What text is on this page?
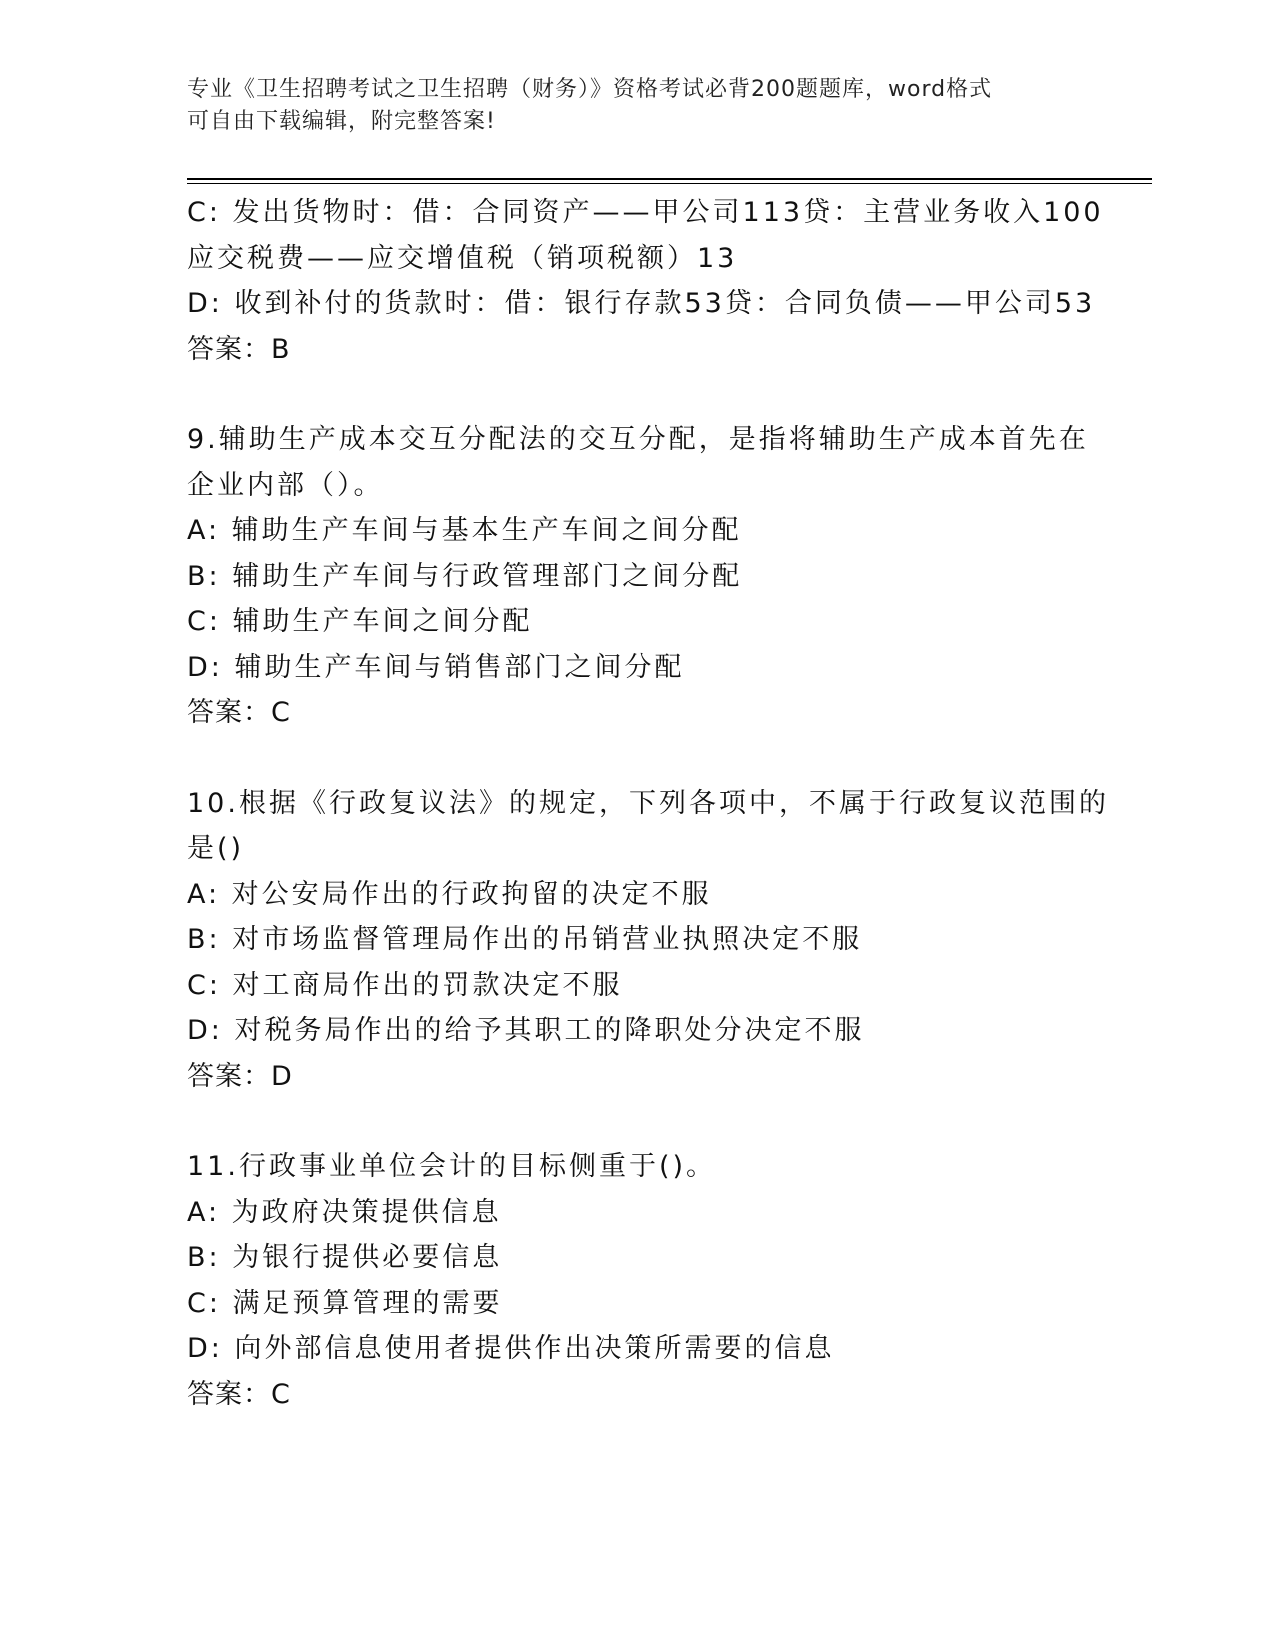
专业《卫生招聘考试之卫生招聘（财务）》资格考试必背200题题库，word格式
可自由下载编辑，附完整答案!
C: 发出货物时：借：合同资产——甲公司113贷：主营业务收入100
应交税费——应交增值税（销项税额）13
D: 收到补付的货款时：借：银行存款53贷：合同负债——甲公司53
答案：B
9.辅助生产成本交互分配法的交互分配，是指将辅助生产成本首先在
企业内部（）。
A: 辅助生产车间与基本生产车间之间分配
B: 辅助生产车间与行政管理部门之间分配
C: 辅助生产车间之间分配
D: 辅助生产车间与销售部门之间分配
答案：C
10.根据《行政复议法》的规定，下列各项中，不属于行政复议范围的
是()
A: 对公安局作出的行政拘留的决定不服
B: 对市场监督管理局作出的吊销营业执照决定不服
C: 对工商局作出的罚款决定不服
D: 对税务局作出的给予其职工的降职处分决定不服
答案：D
11.行政事业单位会计的目标侧重于()。
A: 为政府决策提供信息
B: 为银行提供必要信息
C: 满足预算管理的需要
D: 向外部信息使用者提供作出决策所需要的信息
答案：C
